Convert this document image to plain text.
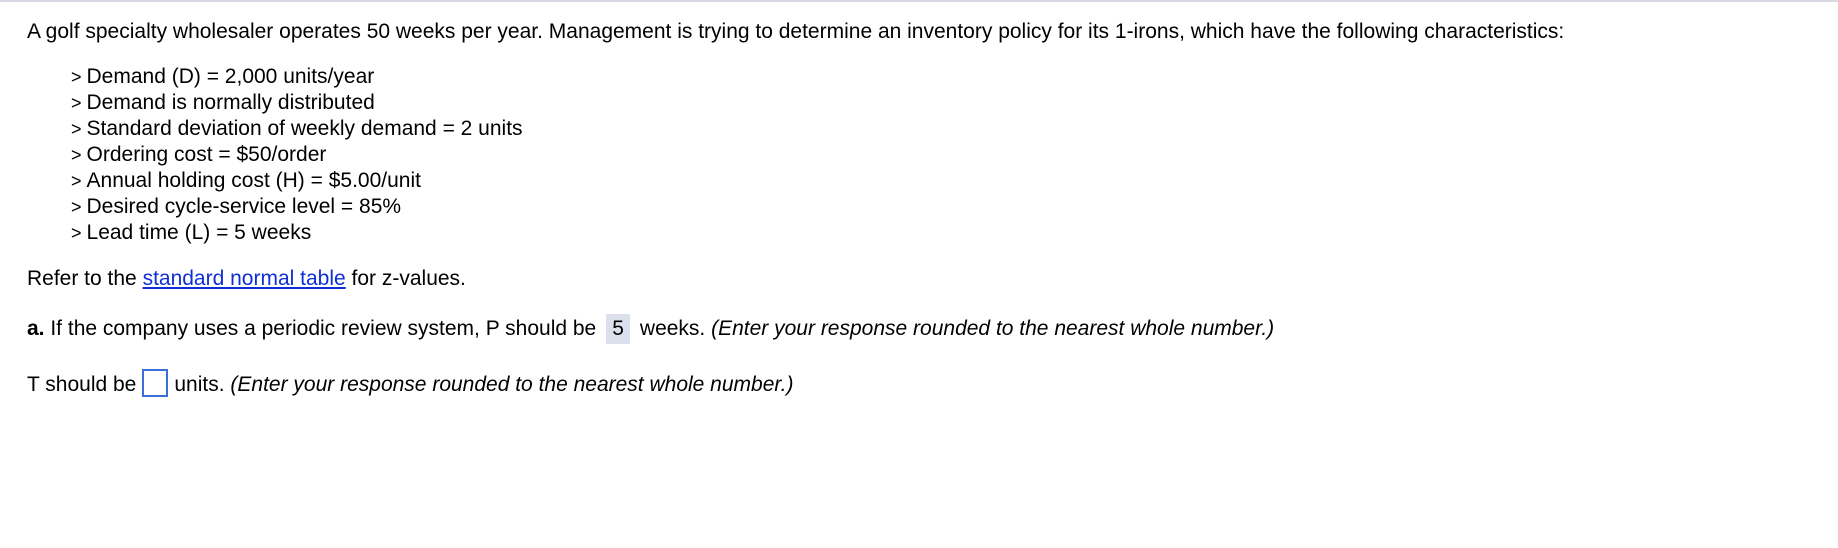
A golf specialty wholesaler operates 50 weeks per year. Management is trying to determine an inventory policy for its 1-irons, which have the following characteristics:

> Demand (D) = 2,000 units/year
> Demand is normally distributed
> Standard deviation of weekly demand = 2 units
> Ordering cost = $50/order
> Annual holding cost (H) = $5.00/unit
> Desired cycle-service level = 85%
> Lead time (L) = 5 weeks

Refer to the standard normal table for z-values.

a. If the company uses a periodic review system, P should be 5 weeks. (Enter your response rounded to the nearest whole number.)

T should be units. (Enter your response rounded to the nearest whole number.)
